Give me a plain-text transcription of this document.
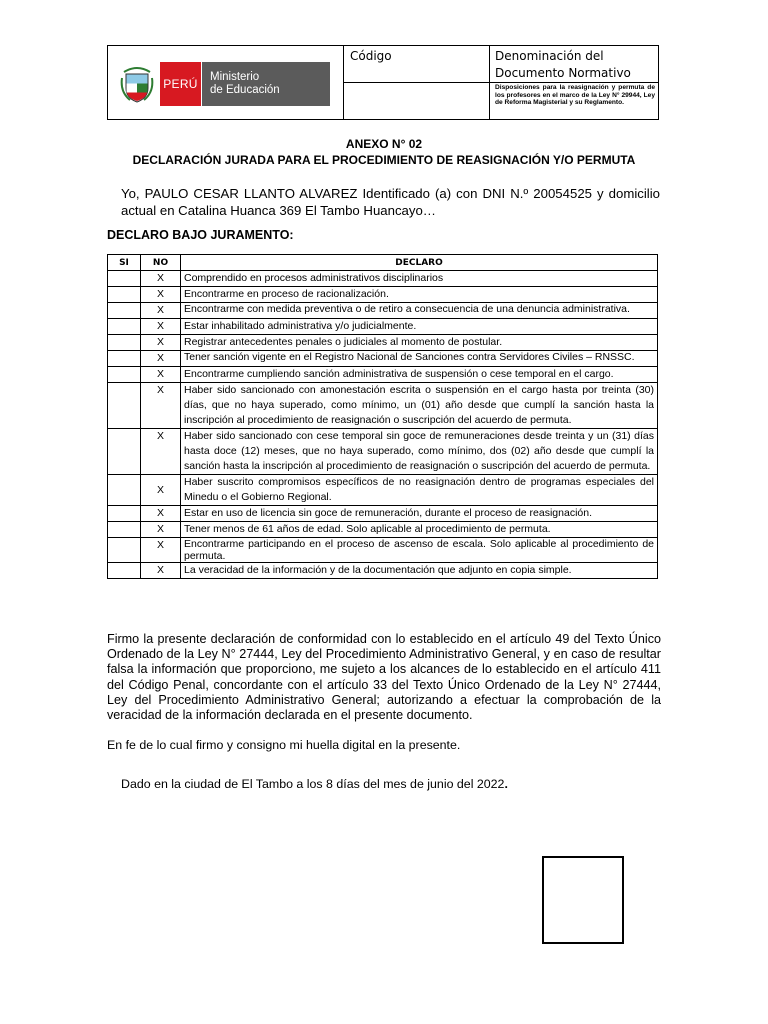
PERÚ Ministerio
de Educación	Código	Denominación del Documento Normativo

		Disposiciones para la reasignación y permuta de los profesores en el marco de la Ley N° 29944, Ley de Reforma Magisterial y su Reglamento.
ANEXO N° 02
DECLARACIÓN JURADA PARA EL PROCEDIMIENTO DE REASIGNACIÓN Y/O PERMUTA
Yo, PAULO CESAR LLANTO ALVAREZ Identificado (a) con DNI N.º 20054525 y domicilio actual en Catalina Huanca 369 El Tambo Huancayo…
DECLARO BAJO JURAMENTO:
SI	NO	DECLARO
	X	Comprendido en procesos administrativos disciplinarios
	X	Encontrarme en proceso de racionalización.
	X	Encontrarme con medida preventiva o de retiro a consecuencia de una denuncia administrativa.
	X	Estar inhabilitado administrativa y/o judicialmente.
	X	Registrar antecedentes penales o judiciales al momento de postular.
	X	Tener sanción vigente en el Registro Nacional de Sanciones contra Servidores Civiles – RNSSC.
	X	Encontrarme cumpliendo sanción administrativa de suspensión o cese temporal en el cargo.
	X	Haber sido sancionado con amonestación escrita o suspensión en el cargo hasta por treinta (30) días, que no haya superado, como mínimo, un (01) año desde que cumplí la sanción hasta la inscripción al procedimiento de reasignación o suscripción del acuerdo de permuta.
	X	Haber sido sancionado con cese temporal sin goce de remuneraciones desde treinta y un (31) días hasta doce (12) meses, que no haya superado, como mínimo, dos (02) año desde que cumplí la sanción hasta la inscripción al procedimiento de reasignación o suscripción del acuerdo de permuta.
	X	Haber suscrito compromisos específicos de no reasignación dentro de programas especiales del Minedu o el Gobierno Regional.
	X	Estar en uso de licencia sin goce de remuneración, durante el proceso de reasignación.
	X	Tener menos de 61 años de edad. Solo aplicable al procedimiento de permuta.
	X	Encontrarme participando en el proceso de ascenso de escala. Solo aplicable al procedimiento de permuta.
	X	La veracidad de la información y de la documentación que adjunto en copia simple.
Firmo la presente declaración de conformidad con lo establecido en el artículo 49 del Texto Único Ordenado de la Ley N° 27444, Ley del Procedimiento Administrativo General, y en caso de resultar falsa la información que proporciono, me sujeto a los alcances de lo establecido en el artículo 411 del Código Penal, concordante con el artículo 33 del Texto Único Ordenado de la Ley N° 27444, Ley del Procedimiento Administrativo General; autorizando a efectuar la comprobación de la veracidad de la información declarada en el presente documento.
En fe de lo cual firmo y consigno mi huella digital en la presente.
Dado en la ciudad de El Tambo a los 8 días del mes de junio del 2022.
